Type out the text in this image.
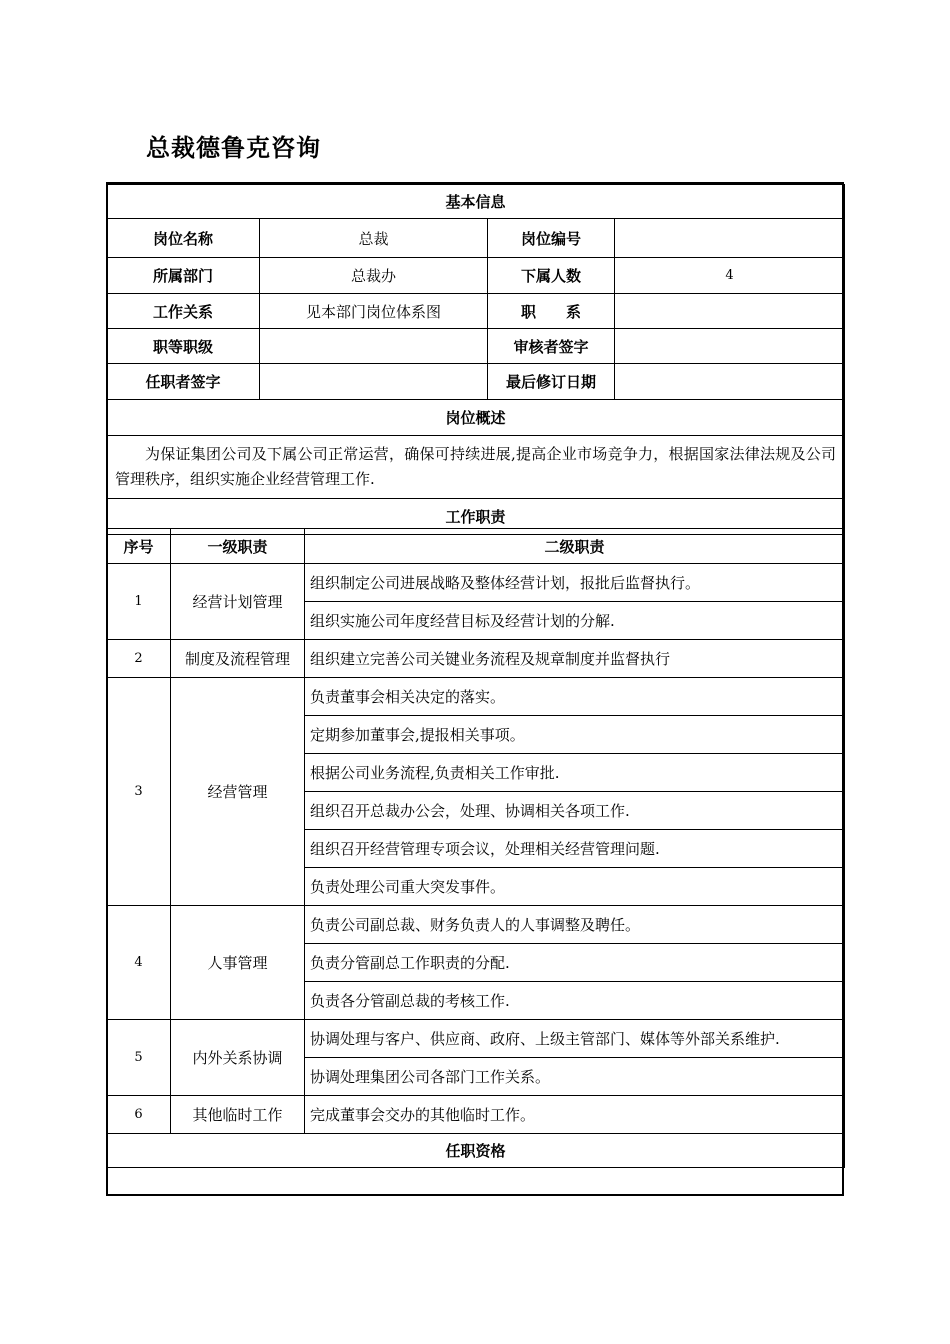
总裁德鲁克咨询
基本信息			
岗位名称	总裁	岗位编号	
所属部门	总裁办	下属人数	4
工作关系	见本部门岗位体系图	职　　系	
职等职级		审核者签字	
任职者签字		最后修订日期	
岗位概述			
为保证集团公司及下属公司正常运营，确保可持续进展,提高企业市场竞争力，根据国家法律法规及公司管理秩序，组织实施企业经营管理工作.			
工作职责			
序号	一级职责	二级职责
1	经营计划管理	组织制定公司进展战略及整体经营计划，报批后监督执行。
		组织实施公司年度经营目标及经营计划的分解.
2	制度及流程管理	组织建立完善公司关键业务流程及规章制度并监督执行
3	经营管理	负责董事会相关决定的落实。
		定期参加董事会,提报相关事项。
		根据公司业务流程,负责相关工作审批.
		组织召开总裁办公会，处理、协调相关各项工作.
		组织召开经营管理专项会议，处理相关经营管理问题.
		负责处理公司重大突发事件。
4	人事管理	负责公司副总裁、财务负责人的人事调整及聘任。
		负责分管副总工作职责的分配.
		负责各分管副总裁的考核工作.
5	内外关系协调	协调处理与客户、供应商、政府、上级主管部门、媒体等外部关系维护.
		协调处理集团公司各部门工作关系。
6	其他临时工作	完成董事会交办的其他临时工作。
任职资格		
